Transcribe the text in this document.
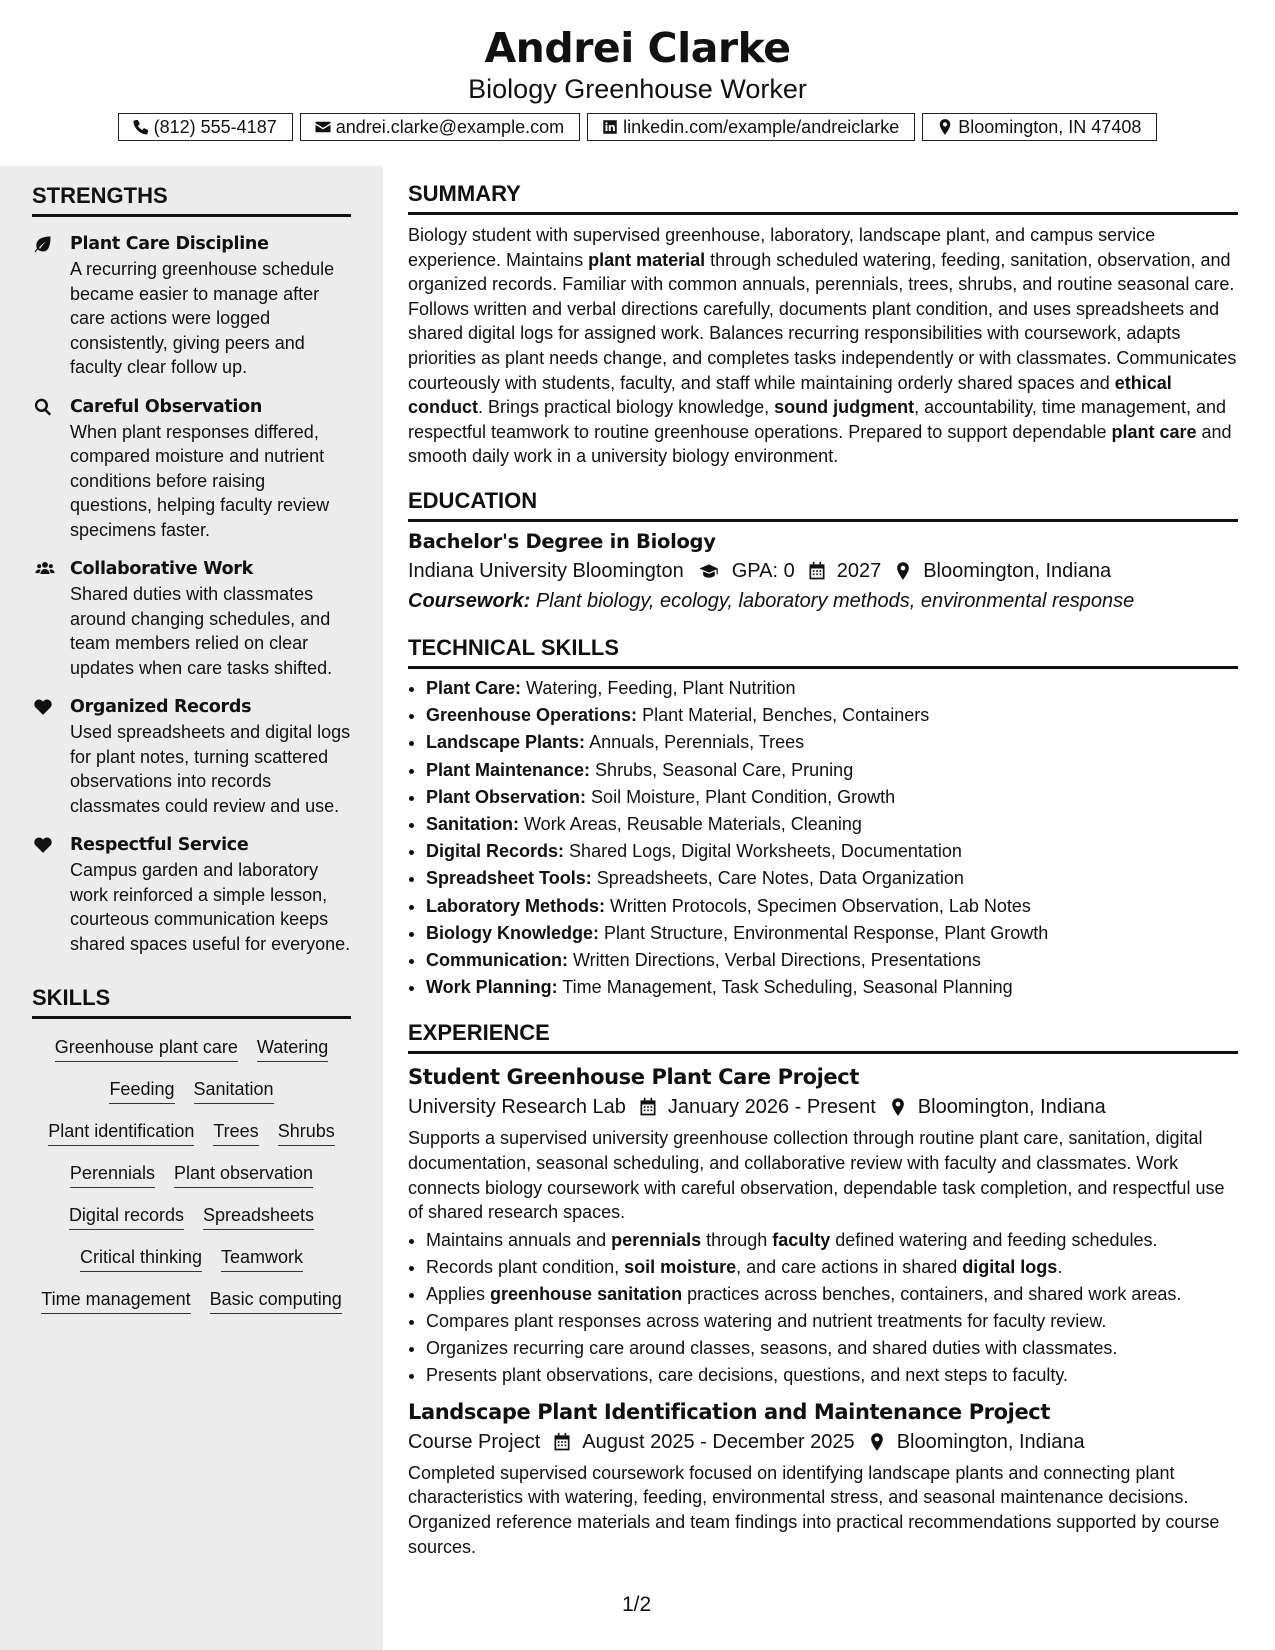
Andrei Clarke
Biology Greenhouse Worker
(812) 555-4187	andrei.clarke@example.com	linkedin.com/example/andreiclarke	Bloomington, IN 47408
STRENGTHS
Plant Care Discipline
A recurring greenhouse schedule became easier to manage after care actions were logged consistently, giving peers and faculty clear follow up.
Careful Observation
When plant responses differed, compared moisture and nutrient conditions before raising questions, helping faculty review specimens faster.
Collaborative Work
Shared duties with classmates around changing schedules, and team members relied on clear updates when care tasks shifted.
Organized Records
Used spreadsheets and digital logs for plant notes, turning scattered observations into records classmates could review and use.
Respectful Service
Campus garden and laboratory work reinforced a simple lesson, courteous communication keeps shared spaces useful for everyone.
SKILLS
Greenhouse plant care Watering
Feeding Sanitation
Plant identification Trees Shrubs
Perennials Plant observation
Digital records Spreadsheets
Critical thinking Teamwork
Time management Basic computing
SUMMARY
Biology student with supervised greenhouse, laboratory, landscape plant, and campus service experience. Maintains plant material through scheduled watering, feeding, sanitation, observation, and organized records. Familiar with common annuals, perennials, trees, shrubs, and routine seasonal care. Follows written and verbal directions carefully, documents plant condition, and uses spreadsheets and shared digital logs for assigned work. Balances recurring responsibilities with coursework, adapts priorities as plant needs change, and completes tasks independently or with classmates. Communicates courteously with students, faculty, and staff while maintaining orderly shared spaces and ethical conduct. Brings practical biology knowledge, sound judgment, accountability, time management, and respectful teamwork to routine greenhouse operations. Prepared to support dependable plant care and smooth daily work in a university biology environment.
EDUCATION
Bachelor's Degree in Biology
Indiana University Bloomington GPA: 0 2027 Bloomington, Indiana
Coursework: Plant biology, ecology, laboratory methods, environmental response
TECHNICAL SKILLS
• Plant Care: Watering, Feeding, Plant Nutrition
• Greenhouse Operations: Plant Material, Benches, Containers
• Landscape Plants: Annuals, Perennials, Trees
• Plant Maintenance: Shrubs, Seasonal Care, Pruning
• Plant Observation: Soil Moisture, Plant Condition, Growth
• Sanitation: Work Areas, Reusable Materials, Cleaning
• Digital Records: Shared Logs, Digital Worksheets, Documentation
• Spreadsheet Tools: Spreadsheets, Care Notes, Data Organization
• Laboratory Methods: Written Protocols, Specimen Observation, Lab Notes
• Biology Knowledge: Plant Structure, Environmental Response, Plant Growth
• Communication: Written Directions, Verbal Directions, Presentations
• Work Planning: Time Management, Task Scheduling, Seasonal Planning
EXPERIENCE
Student Greenhouse Plant Care Project
University Research Lab January 2026 - Present Bloomington, Indiana
Supports a supervised university greenhouse collection through routine plant care, sanitation, digital documentation, seasonal scheduling, and collaborative review with faculty and classmates. Work connects biology coursework with careful observation, dependable task completion, and respectful use of shared research spaces.
• Maintains annuals and perennials through faculty defined watering and feeding schedules.
• Records plant condition, soil moisture, and care actions in shared digital logs.
• Applies greenhouse sanitation practices across benches, containers, and shared work areas.
• Compares plant responses across watering and nutrient treatments for faculty review.
• Organizes recurring care around classes, seasons, and shared duties with classmates.
• Presents plant observations, care decisions, questions, and next steps to faculty.
Landscape Plant Identification and Maintenance Project
Course Project August 2025 - December 2025 Bloomington, Indiana
Completed supervised coursework focused on identifying landscape plants and connecting plant characteristics with watering, feeding, environmental stress, and seasonal maintenance decisions. Organized reference materials and team findings into practical recommendations supported by course sources.
1/2
